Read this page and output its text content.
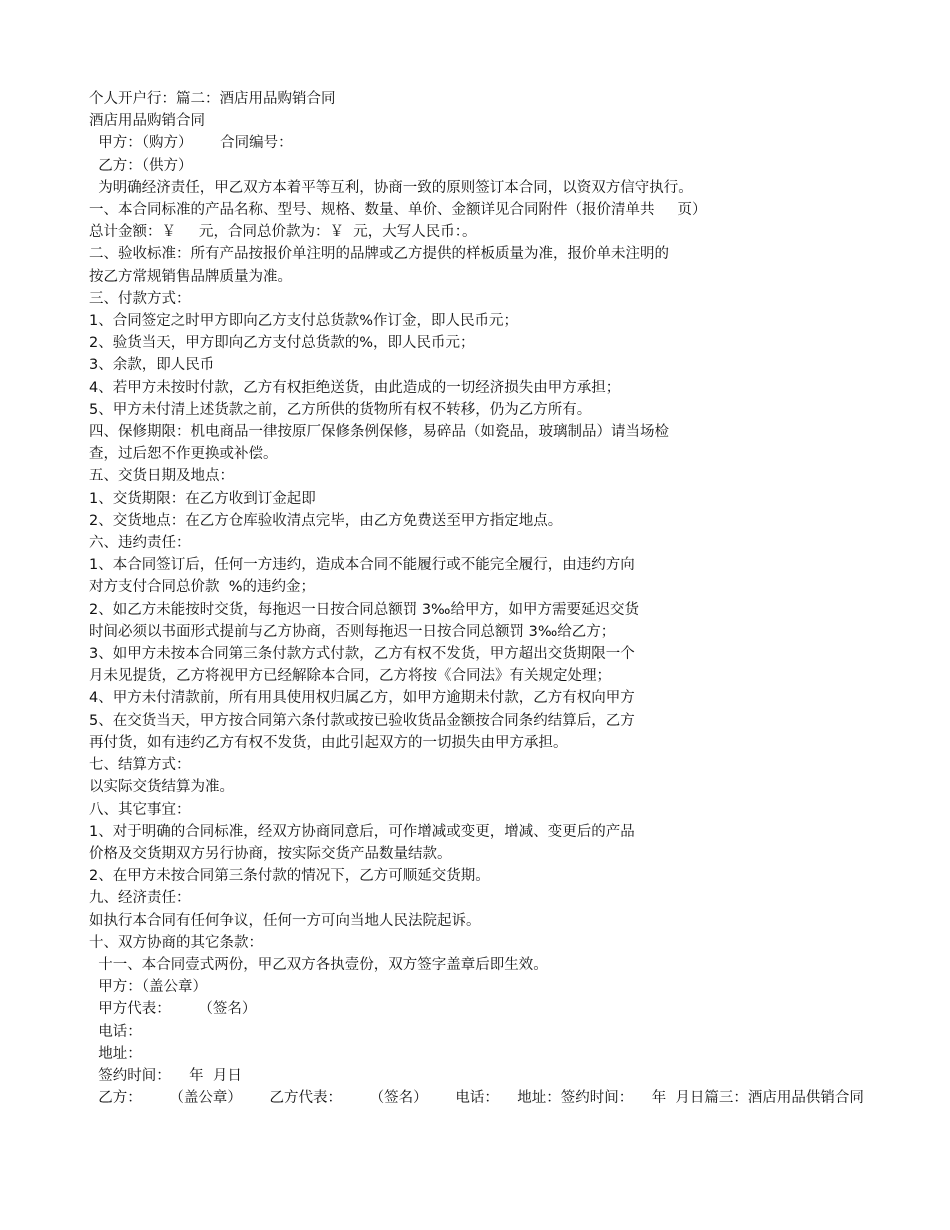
个人开户行：篇二：酒店用品购销合同
酒店用品购销合同
甲方：（购方）      合同编号：
乙方：（供方）
为明确经济责任，甲乙双方本着平等互利，协商一致的原则签订本合同，以资双方信守执行。
一、本合同标准的产品名称、型号、规格、数量、单价、金额详见合同附件（报价清单共     页）
总计金额：￥     元，合同总价款为：￥  元，大写人民币：。
二、验收标准：所有产品按报价单注明的品牌或乙方提供的样板质量为准，报价单未注明的
按乙方常规销售品牌质量为准。
三、付款方式：
1、合同签定之时甲方即向乙方支付总货款%作订金，即人民币元；
2、验货当天，甲方即向乙方支付总货款的%，即人民币元；
3、余款，即人民币
4、若甲方未按时付款，乙方有权拒绝送货，由此造成的一切经济损失由甲方承担；
5、甲方未付清上述货款之前，乙方所供的货物所有权不转移，仍为乙方所有。
四、保修期限：机电商品一律按原厂保修条例保修，易碎品（如瓷品，玻璃制品）请当场检
查，过后恕不作更换或补偿。
五、交货日期及地点：
1、交货期限：在乙方收到订金起即
2、交货地点：在乙方仓库验收清点完毕，由乙方免费送至甲方指定地点。
六、违约责任：
1、本合同签订后，任何一方违约，造成本合同不能履行或不能完全履行，由违约方向
对方支付合同总价款  %的违约金；
2、如乙方未能按时交货，每拖迟一日按合同总额罚 3‰给甲方，如甲方需要延迟交货
时间必须以书面形式提前与乙方协商，否则每拖迟一日按合同总额罚 3‰给乙方；
3、如甲方未按本合同第三条付款方式付款，乙方有权不发货，甲方超出交货期限一个
月未见提货，乙方将视甲方已经解除本合同，乙方将按《合同法》有关规定处理；
4、甲方未付清款前，所有用具使用权归属乙方，如甲方逾期未付款，乙方有权向甲方
5、在交货当天，甲方按合同第六条付款或按已验收货品金额按合同条约结算后，乙方
再付货，如有违约乙方有权不发货，由此引起双方的一切损失由甲方承担。
七、结算方式：
以实际交货结算为准。
八、其它事宜：
1、对于明确的合同标准，经双方协商同意后，可作增减或变更，增减、变更后的产品
价格及交货期双方另行协商，按实际交货产品数量结款。
2、在甲方未按合同第三条付款的情况下，乙方可顺延交货期。
九、经济责任：
如执行本合同有任何争议，任何一方可向当地人民法院起诉。
十、双方协商的其它条款：
十一、本合同壹式两份，甲乙双方各执壹份，双方签字盖章后即生效。
甲方：（盖公章）
甲方代表：      （签名）
电话：
地址：
签约时间：    年  月日
乙方：      （盖公章）      乙方代表：      （签名）      电话：    地址：签约时间：    年  月日篇三：酒店用品供销合同
